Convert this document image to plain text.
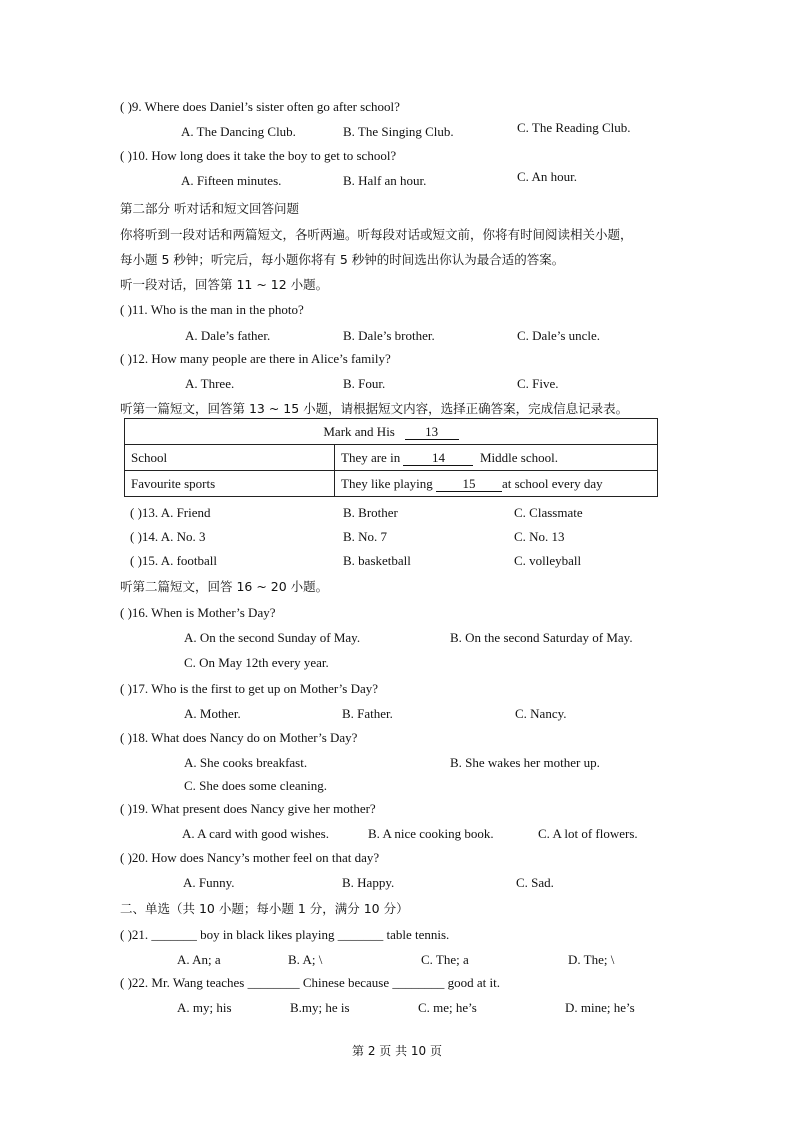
( )9. Where does Daniel’s sister often go after school?
A. The Dancing Club.	B. The Singing Club.	C. The Reading Club.
( )10. How long does it take the boy to get to school?
A. Fifteen minutes.	B. Half an hour.	C. An hour.
第二部分 听对话和短文回答问题
你将听到一段对话和两篇短文，各听两遍。听每段对话或短文前，你将有时间阅读相关小题，
每小题 5 秒钟；听完后，每小题你将有 5 秒钟的时间选出你认为最合适的答案。
听一段对话，回答第 11 ~ 12 小题。
( )11. Who is the man in the photo?
A. Dale’s father.	B. Dale’s brother.	C. Dale’s uncle.
( )12. How many people are there in Alice’s family?
A. Three.	B. Four.	C. Five.
听第一篇短文，回答第 13 ~ 15 小题，请根据短文内容，选择正确答案，完成信息记录表。
Mark and His 13	
School	They are in 14 Middle school.
Favourite sports	They like playing 15 at school every day
( )13. A. Friend	B. Brother	C. Classmate
( )14. A. No. 3	B. No. 7	C. No. 13
( )15. A. football	B. basketball	C. volleyball
听第二篇短文，回答 16 ~ 20 小题。
( )16. When is Mother’s Day?
A. On the second Sunday of May.	B. On the second Saturday of May.
C. On May 12th every year.
( )17. Who is the first to get up on Mother’s Day?
A. Mother.	B. Father.	C. Nancy.
( )18. What does Nancy do on Mother’s Day?
A. She cooks breakfast.	B. She wakes her mother up.
C. She does some cleaning.
( )19. What present does Nancy give her mother?
A. A card with good wishes.	B. A nice cooking book.	C. A lot of flowers.
( )20. How does Nancy’s mother feel on that day?
A. Funny.	B. Happy.	C. Sad.
二、单选（共 10 小题；每小题 1 分，满分 10 分）
( )21. _______ boy in black likes playing _______ table tennis.
A. An; a	B. A; \	C. The; a	D. The; \
( )22. Mr. Wang teaches ________ Chinese because ________ good at it.
A. my; his	B.my; he is	C. me; he’s	D. mine; he’s
第 2 页 共 10 页
